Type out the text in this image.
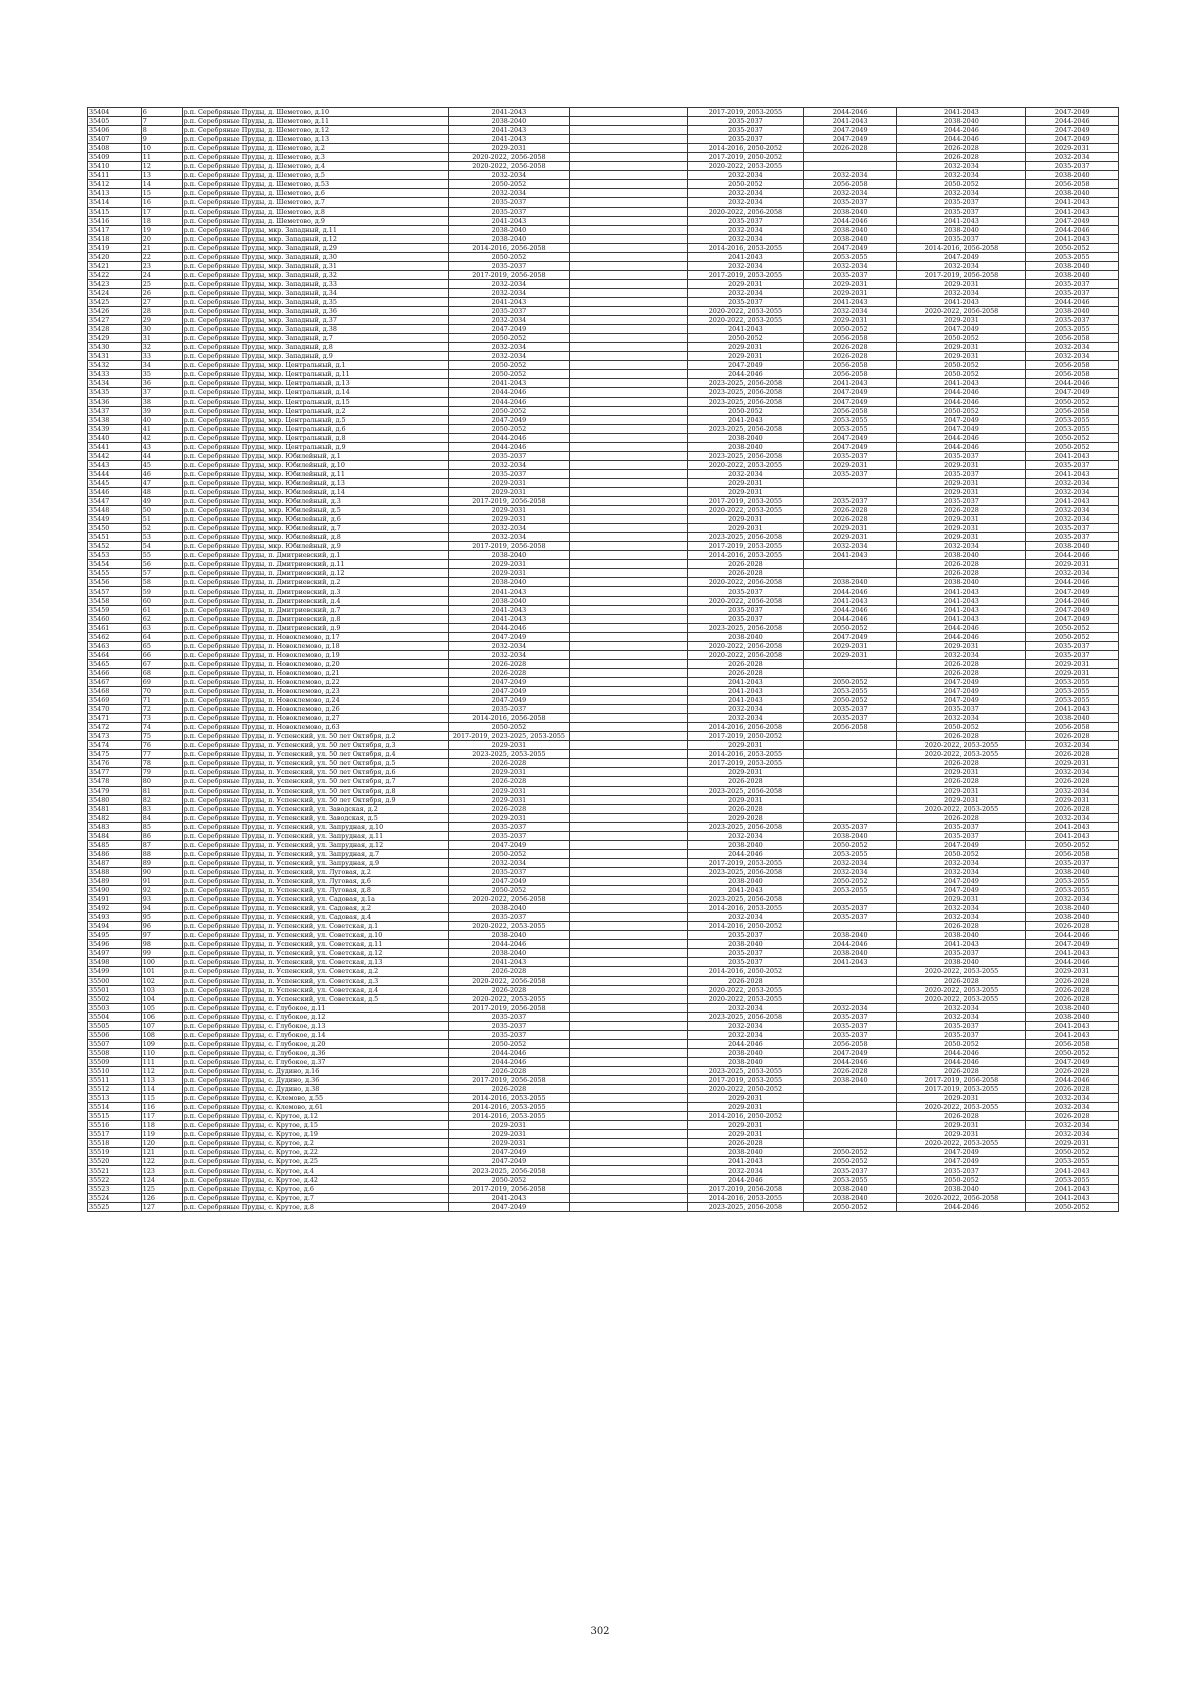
35404	6	р.п. Серебряные Пруды, д. Шеметово, д.10	2041-2043		2017-2019, 2053-2055	2044-2046	2041-2043	2047-2049
35405	7	р.п. Серебряные Пруды, д. Шеметово, д.11	2038-2040		2035-2037	2041-2043	2038-2040	2044-2046
35406	8	р.п. Серебряные Пруды, д. Шеметово, д.12	2041-2043		2035-2037	2047-2049	2044-2046	2047-2049
35407	9	р.п. Серебряные Пруды, д. Шеметово, д.13	2041-2043		2035-2037	2047-2049	2044-2046	2047-2049
35408	10	р.п. Серебряные Пруды, д. Шеметово, д.2	2029-2031		2014-2016, 2050-2052	2026-2028	2026-2028	2029-2031
35409	11	р.п. Серебряные Пруды, д. Шеметово, д.3	2020-2022, 2056-2058		2017-2019, 2050-2052		2026-2028	2032-2034
35410	12	р.п. Серебряные Пруды, д. Шеметово, д.4	2020-2022, 2056-2058		2020-2022, 2053-2055		2032-2034	2035-2037
35411	13	р.п. Серебряные Пруды, д. Шеметово, д.5	2032-2034		2032-2034	2032-2034	2032-2034	2038-2040
35412	14	р.п. Серебряные Пруды, д. Шеметово, д.53	2050-2052		2050-2052	2056-2058	2050-2052	2056-2058
35413	15	р.п. Серебряные Пруды, д. Шеметово, д.6	2032-2034		2032-2034	2032-2034	2032-2034	2038-2040
35414	16	р.п. Серебряные Пруды, д. Шеметово, д.7	2035-2037		2032-2034	2035-2037	2035-2037	2041-2043
35415	17	р.п. Серебряные Пруды, д. Шеметово, д.8	2035-2037		2020-2022, 2056-2058	2038-2040	2035-2037	2041-2043
35416	18	р.п. Серебряные Пруды, д. Шеметово, д.9	2041-2043		2035-2037	2044-2046	2041-2043	2047-2049
35417	19	р.п. Серебряные Пруды, мкр. Западный, д.11	2038-2040		2032-2034	2038-2040	2038-2040	2044-2046
35418	20	р.п. Серебряные Пруды, мкр. Западный, д.12	2038-2040		2032-2034	2038-2040	2035-2037	2041-2043
35419	21	р.п. Серебряные Пруды, мкр. Западный, д.29	2014-2016, 2056-2058		2014-2016, 2053-2055	2047-2049	2014-2016, 2056-2058	2050-2052
35420	22	р.п. Серебряные Пруды, мкр. Западный, д.30	2050-2052		2041-2043	2053-2055	2047-2049	2053-2055
35421	23	р.п. Серебряные Пруды, мкр. Западный, д.31	2035-2037		2032-2034	2032-2034	2032-2034	2038-2040
35422	24	р.п. Серебряные Пруды, мкр. Западный, д.32	2017-2019, 2056-2058		2017-2019, 2053-2055	2035-2037	2017-2019, 2056-2058	2038-2040
35423	25	р.п. Серебряные Пруды, мкр. Западный, д.33	2032-2034		2029-2031	2029-2031	2029-2031	2035-2037
35424	26	р.п. Серебряные Пруды, мкр. Западный, д.34	2032-2034		2032-2034	2029-2031	2032-2034	2035-2037
35425	27	р.п. Серебряные Пруды, мкр. Западный, д.35	2041-2043		2035-2037	2041-2043	2041-2043	2044-2046
35426	28	р.п. Серебряные Пруды, мкр. Западный, д.36	2035-2037		2020-2022, 2053-2055	2032-2034	2020-2022, 2056-2058	2038-2040
35427	29	р.п. Серебряные Пруды, мкр. Западный, д.37	2032-2034		2020-2022, 2053-2055	2029-2031	2029-2031	2035-2037
35428	30	р.п. Серебряные Пруды, мкр. Западный, д.38	2047-2049		2041-2043	2050-2052	2047-2049	2053-2055
35429	31	р.п. Серебряные Пруды, мкр. Западный, д.7	2050-2052		2050-2052	2056-2058	2050-2052	2056-2058
35430	32	р.п. Серебряные Пруды, мкр. Западный, д.8	2032-2034		2029-2031	2026-2028	2029-2031	2032-2034
35431	33	р.п. Серебряные Пруды, мкр. Западный, д.9	2032-2034		2029-2031	2026-2028	2029-2031	2032-2034
35432	34	р.п. Серебряные Пруды, мкр. Центральный, д.1	2050-2052		2047-2049	2056-2058	2050-2052	2056-2058
35433	35	р.п. Серебряные Пруды, мкр. Центральный, д.11	2050-2052		2044-2046	2056-2058	2050-2052	2056-2058
35434	36	р.п. Серебряные Пруды, мкр. Центральный, д.13	2041-2043		2023-2025, 2056-2058	2041-2043	2041-2043	2044-2046
35435	37	р.п. Серебряные Пруды, мкр. Центральный, д.14	2044-2046		2023-2025, 2056-2058	2047-2049	2044-2046	2047-2049
35436	38	р.п. Серебряные Пруды, мкр. Центральный, д.15	2044-2046		2023-2025, 2056-2058	2047-2049	2044-2046	2050-2052
35437	39	р.п. Серебряные Пруды, мкр. Центральный, д.2	2050-2052		2050-2052	2056-2058	2050-2052	2056-2058
35438	40	р.п. Серебряные Пруды, мкр. Центральный, д.5	2047-2049		2041-2043	2053-2055	2047-2049	2053-2055
35439	41	р.п. Серебряные Пруды, мкр. Центральный, д.6	2050-2052		2023-2025, 2056-2058	2053-2055	2047-2049	2053-2055
35440	42	р.п. Серебряные Пруды, мкр. Центральный, д.8	2044-2046		2038-2040	2047-2049	2044-2046	2050-2052
35441	43	р.п. Серебряные Пруды, мкр. Центральный, д.9	2044-2046		2038-2040	2047-2049	2044-2046	2050-2052
35442	44	р.п. Серебряные Пруды, мкр. Юбилейный, д.1	2035-2037		2023-2025, 2056-2058	2035-2037	2035-2037	2041-2043
35443	45	р.п. Серебряные Пруды, мкр. Юбилейный, д.10	2032-2034		2020-2022, 2053-2055	2029-2031	2029-2031	2035-2037
35444	46	р.п. Серебряные Пруды, мкр. Юбилейный, д.11	2035-2037		2032-2034	2035-2037	2035-2037	2041-2043
35445	47	р.п. Серебряные Пруды, мкр. Юбилейный, д.13	2029-2031		2029-2031		2029-2031	2032-2034
35446	48	р.п. Серебряные Пруды, мкр. Юбилейный, д.14	2029-2031		2029-2031		2029-2031	2032-2034
35447	49	р.п. Серебряные Пруды, мкр. Юбилейный, д.3	2017-2019, 2056-2058		2017-2019, 2053-2055	2035-2037	2035-2037	2041-2043
35448	50	р.п. Серебряные Пруды, мкр. Юбилейный, д.5	2029-2031		2020-2022, 2053-2055	2026-2028	2026-2028	2032-2034
35449	51	р.п. Серебряные Пруды, мкр. Юбилейный, д.6	2029-2031		2029-2031	2026-2028	2029-2031	2032-2034
35450	52	р.п. Серебряные Пруды, мкр. Юбилейный, д.7	2032-2034		2029-2031	2029-2031	2029-2031	2035-2037
35451	53	р.п. Серебряные Пруды, мкр. Юбилейный, д.8	2032-2034		2023-2025, 2056-2058	2029-2031	2029-2031	2035-2037
35452	54	р.п. Серебряные Пруды, мкр. Юбилейный, д.9	2017-2019, 2056-2058		2017-2019, 2053-2055	2032-2034	2032-2034	2038-2040
35453	55	р.п. Серебряные Пруды, п. Дмитриевский, д.1	2038-2040		2014-2016, 2053-2055	2041-2043	2038-2040	2044-2046
35454	56	р.п. Серебряные Пруды, п. Дмитриевский, д.11	2029-2031		2026-2028		2026-2028	2029-2031
35455	57	р.п. Серебряные Пруды, п. Дмитриевский, д.12	2029-2031		2026-2028		2026-2028	2032-2034
35456	58	р.п. Серебряные Пруды, п. Дмитриевский, д.2	2038-2040		2020-2022, 2056-2058	2038-2040	2038-2040	2044-2046
35457	59	р.п. Серебряные Пруды, п. Дмитриевский, д.3	2041-2043		2035-2037	2044-2046	2041-2043	2047-2049
35458	60	р.п. Серебряные Пруды, п. Дмитриевский, д.4	2038-2040		2020-2022, 2056-2058	2041-2043	2041-2043	2044-2046
35459	61	р.п. Серебряные Пруды, п. Дмитриевский, д.7	2041-2043		2035-2037	2044-2046	2041-2043	2047-2049
35460	62	р.п. Серебряные Пруды, п. Дмитриевский, д.8	2041-2043		2035-2037	2044-2046	2041-2043	2047-2049
35461	63	р.п. Серебряные Пруды, п. Дмитриевский, д.9	2044-2046		2023-2025, 2056-2058	2050-2052	2044-2046	2050-2052
35462	64	р.п. Серебряные Пруды, п. Новоклемово, д.17	2047-2049		2038-2040	2047-2049	2044-2046	2050-2052
35463	65	р.п. Серебряные Пруды, п. Новоклемово, д.18	2032-2034		2020-2022, 2056-2058	2029-2031	2029-2031	2035-2037
35464	66	р.п. Серебряные Пруды, п. Новоклемово, д.19	2032-2034		2020-2022, 2056-2058	2029-2031	2032-2034	2035-2037
35465	67	р.п. Серебряные Пруды, п. Новоклемово, д.20	2026-2028		2026-2028		2026-2028	2029-2031
35466	68	р.п. Серебряные Пруды, п. Новоклемово, д.21	2026-2028		2026-2028		2026-2028	2029-2031
35467	69	р.п. Серебряные Пруды, п. Новоклемово, д.22	2047-2049		2041-2043	2050-2052	2047-2049	2053-2055
35468	70	р.п. Серебряные Пруды, п. Новоклемово, д.23	2047-2049		2041-2043	2053-2055	2047-2049	2053-2055
35469	71	р.п. Серебряные Пруды, п. Новоклемово, д.24	2047-2049		2041-2043	2050-2052	2047-2049	2053-2055
35470	72	р.п. Серебряные Пруды, п. Новоклемово, д.26	2035-2037		2032-2034	2035-2037	2035-2037	2041-2043
35471	73	р.п. Серебряные Пруды, п. Новоклемово, д.27	2014-2016, 2056-2058		2032-2034	2035-2037	2032-2034	2038-2040
35472	74	р.п. Серебряные Пруды, п. Новоклемово, д.63	2050-2052		2014-2016, 2056-2058	2056-2058	2050-2052	2056-2058
35473	75	р.п. Серебряные Пруды, п. Успенский, ул. 50 лет Октября, д.2	2017-2019, 2023-2025, 2053-2055		2017-2019, 2050-2052		2026-2028	2026-2028
35474	76	р.п. Серебряные Пруды, п. Успенский, ул. 50 лет Октября, д.3	2029-2031		2029-2031		2020-2022, 2053-2055	2032-2034
35475	77	р.п. Серебряные Пруды, п. Успенский, ул. 50 лет Октября, д.4	2023-2025, 2053-2055		2014-2016, 2053-2055		2020-2022, 2053-2055	2026-2028
35476	78	р.п. Серебряные Пруды, п. Успенский, ул. 50 лет Октября, д.5	2026-2028		2017-2019, 2053-2055		2026-2028	2029-2031
35477	79	р.п. Серебряные Пруды, п. Успенский, ул. 50 лет Октября, д.6	2029-2031		2029-2031		2029-2031	2032-2034
35478	80	р.п. Серебряные Пруды, п. Успенский, ул. 50 лет Октября, д.7	2026-2028		2026-2028		2026-2028	2026-2028
35479	81	р.п. Серебряные Пруды, п. Успенский, ул. 50 лет Октября, д.8	2029-2031		2023-2025, 2056-2058		2029-2031	2032-2034
35480	82	р.п. Серебряные Пруды, п. Успенский, ул. 50 лет Октября, д.9	2029-2031		2029-2031		2029-2031	2029-2031
35481	83	р.п. Серебряные Пруды, п. Успенский, ул. Заводская, д.2	2026-2028		2026-2028		2020-2022, 2053-2055	2026-2028
35482	84	р.п. Серебряные Пруды, п. Успенский, ул. Заводская, д.5	2029-2031		2029-2028		2026-2028	2032-2034
35483	85	р.п. Серебряные Пруды, п. Успенский, ул. Запрудная, д.10	2035-2037		2023-2025, 2056-2058	2035-2037	2035-2037	2041-2043
35484	86	р.п. Серебряные Пруды, п. Успенский, ул. Запрудная, д.11	2035-2037		2032-2034	2038-2040	2035-2037	2041-2043
35485	87	р.п. Серебряные Пруды, п. Успенский, ул. Запрудная, д.12	2047-2049		2038-2040	2050-2052	2047-2049	2050-2052
35486	88	р.п. Серебряные Пруды, п. Успенский, ул. Запрудная, д.7	2050-2052		2044-2046	2053-2055	2050-2052	2056-2058
35487	89	р.п. Серебряные Пруды, п. Успенский, ул. Запрудная, д.9	2032-2034		2017-2019, 2053-2055	2032-2034	2032-2034	2035-2037
35488	90	р.п. Серебряные Пруды, п. Успенский, ул. Луговая, д.2	2035-2037		2023-2025, 2056-2058	2032-2034	2032-2034	2038-2040
35489	91	р.п. Серебряные Пруды, п. Успенский, ул. Луговая, д.6	2047-2049		2038-2040	2050-2052	2047-2049	2053-2055
35490	92	р.п. Серебряные Пруды, п. Успенский, ул. Луговая, д.8	2050-2052		2041-2043	2053-2055	2047-2049	2053-2055
35491	93	р.п. Серебряные Пруды, п. Успенский, ул. Садовая, д.1а	2020-2022, 2056-2058		2023-2025, 2056-2058		2029-2031	2032-2034
35492	94	р.п. Серебряные Пруды, п. Успенский, ул. Садовая, д.2	2038-2040		2014-2016, 2053-2055	2035-2037	2032-2034	2038-2040
35493	95	р.п. Серебряные Пруды, п. Успенский, ул. Садовая, д.4	2035-2037		2032-2034	2035-2037	2032-2034	2038-2040
35494	96	р.п. Серебряные Пруды, п. Успенский, ул. Советская, д.1	2020-2022, 2053-2055		2014-2016, 2050-2052		2026-2028	2026-2028
35495	97	р.п. Серебряные Пруды, п. Успенский, ул. Советская, д.10	2038-2040		2035-2037	2038-2040	2038-2040	2044-2046
35496	98	р.п. Серебряные Пруды, п. Успенский, ул. Советская, д.11	2044-2046		2038-2040	2044-2046	2041-2043	2047-2049
35497	99	р.п. Серебряные Пруды, п. Успенский, ул. Советская, д.12	2038-2040		2035-2037	2038-2040	2035-2037	2041-2043
35498	100	р.п. Серебряные Пруды, п. Успенский, ул. Советская, д.13	2041-2043		2035-2037	2041-2043	2038-2040	2044-2046
35499	101	р.п. Серебряные Пруды, п. Успенский, ул. Советская, д.2	2026-2028		2014-2016, 2050-2052		2020-2022, 2053-2055	2029-2031
35500	102	р.п. Серебряные Пруды, п. Успенский, ул. Советская, д.3	2020-2022, 2056-2058		2026-2028		2026-2028	2026-2028
35501	103	р.п. Серебряные Пруды, п. Успенский, ул. Советская, д.4	2026-2028		2020-2022, 2053-2055		2020-2022, 2053-2055	2026-2028
35502	104	р.п. Серебряные Пруды, п. Успенский, ул. Советская, д.5	2020-2022, 2053-2055		2020-2022, 2053-2055		2020-2022, 2053-2055	2026-2028
35503	105	р.п. Серебряные Пруды, с. Глубокое, д.11	2017-2019, 2056-2058		2032-2034	2032-2034	2032-2034	2038-2040
35504	106	р.п. Серебряные Пруды, с. Глубокое, д.12	2035-2037		2023-2025, 2056-2058	2035-2037	2032-2034	2038-2040
35505	107	р.п. Серебряные Пруды, с. Глубокое, д.13	2035-2037		2032-2034	2035-2037	2035-2037	2041-2043
35506	108	р.п. Серебряные Пруды, с. Глубокое, д.14	2035-2037		2032-2034	2035-2037	2035-2037	2041-2043
35507	109	р.п. Серебряные Пруды, с. Глубокое, д.20	2050-2052		2044-2046	2056-2058	2050-2052	2056-2058
35508	110	р.п. Серебряные Пруды, с. Глубокое, д.36	2044-2046		2038-2040	2047-2049	2044-2046	2050-2052
35509	111	р.п. Серебряные Пруды, с. Глубокое, д.37	2044-2046		2038-2040	2044-2046	2044-2046	2047-2049
35510	112	р.п. Серебряные Пруды, с. Дудино, д.16	2026-2028		2023-2025, 2053-2055	2026-2028	2026-2028	2026-2028
35511	113	р.п. Серебряные Пруды, с. Дудино, д.36	2017-2019, 2056-2058		2017-2019, 2053-2055	2038-2040	2017-2019, 2056-2058	2044-2046
35512	114	р.п. Серебряные Пруды, с. Дудино, д.38	2026-2028		2020-2022, 2050-2052		2017-2019, 2053-2055	2026-2028
35513	115	р.п. Серебряные Пруды, с. Клемово, д.55	2014-2016, 2053-2055		2029-2031		2029-2031	2032-2034
35514	116	р.п. Серебряные Пруды, с. Клемово, д.61	2014-2016, 2053-2055		2029-2031		2020-2022, 2053-2055	2032-2034
35515	117	р.п. Серебряные Пруды, с. Крутое, д.12	2014-2016, 2053-2055		2014-2016, 2050-2052		2026-2028	2026-2028
35516	118	р.п. Серебряные Пруды, с. Крутое, д.15	2029-2031		2029-2031		2029-2031	2032-2034
35517	119	р.п. Серебряные Пруды, с. Крутое, д.19	2029-2031		2029-2031		2029-2031	2032-2034
35518	120	р.п. Серебряные Пруды, с. Крутое, д.2	2029-2031		2026-2028		2020-2022, 2053-2055	2029-2031
35519	121	р.п. Серебряные Пруды, с. Крутое, д.22	2047-2049		2038-2040	2050-2052	2047-2049	2050-2052
35520	122	р.п. Серебряные Пруды, с. Крутое, д.25	2047-2049		2041-2043	2050-2052	2047-2049	2053-2055
35521	123	р.п. Серебряные Пруды, с. Крутое, д.4	2023-2025, 2056-2058		2032-2034	2035-2037	2035-2037	2041-2043
35522	124	р.п. Серебряные Пруды, с. Крутое, д.42	2050-2052		2044-2046	2053-2055	2050-2052	2053-2055
35523	125	р.п. Серебряные Пруды, с. Крутое, д.6	2017-2019, 2056-2058		2017-2019, 2056-2058	2038-2040	2038-2040	2041-2043
35524	126	р.п. Серебряные Пруды, с. Крутое, д.7	2041-2043		2014-2016, 2053-2055	2038-2040	2020-2022, 2056-2058	2041-2043
35525	127	р.п. Серебряные Пруды, с. Крутое, д.8	2047-2049		2023-2025, 2056-2058	2050-2052	2044-2046	2050-2052
302
